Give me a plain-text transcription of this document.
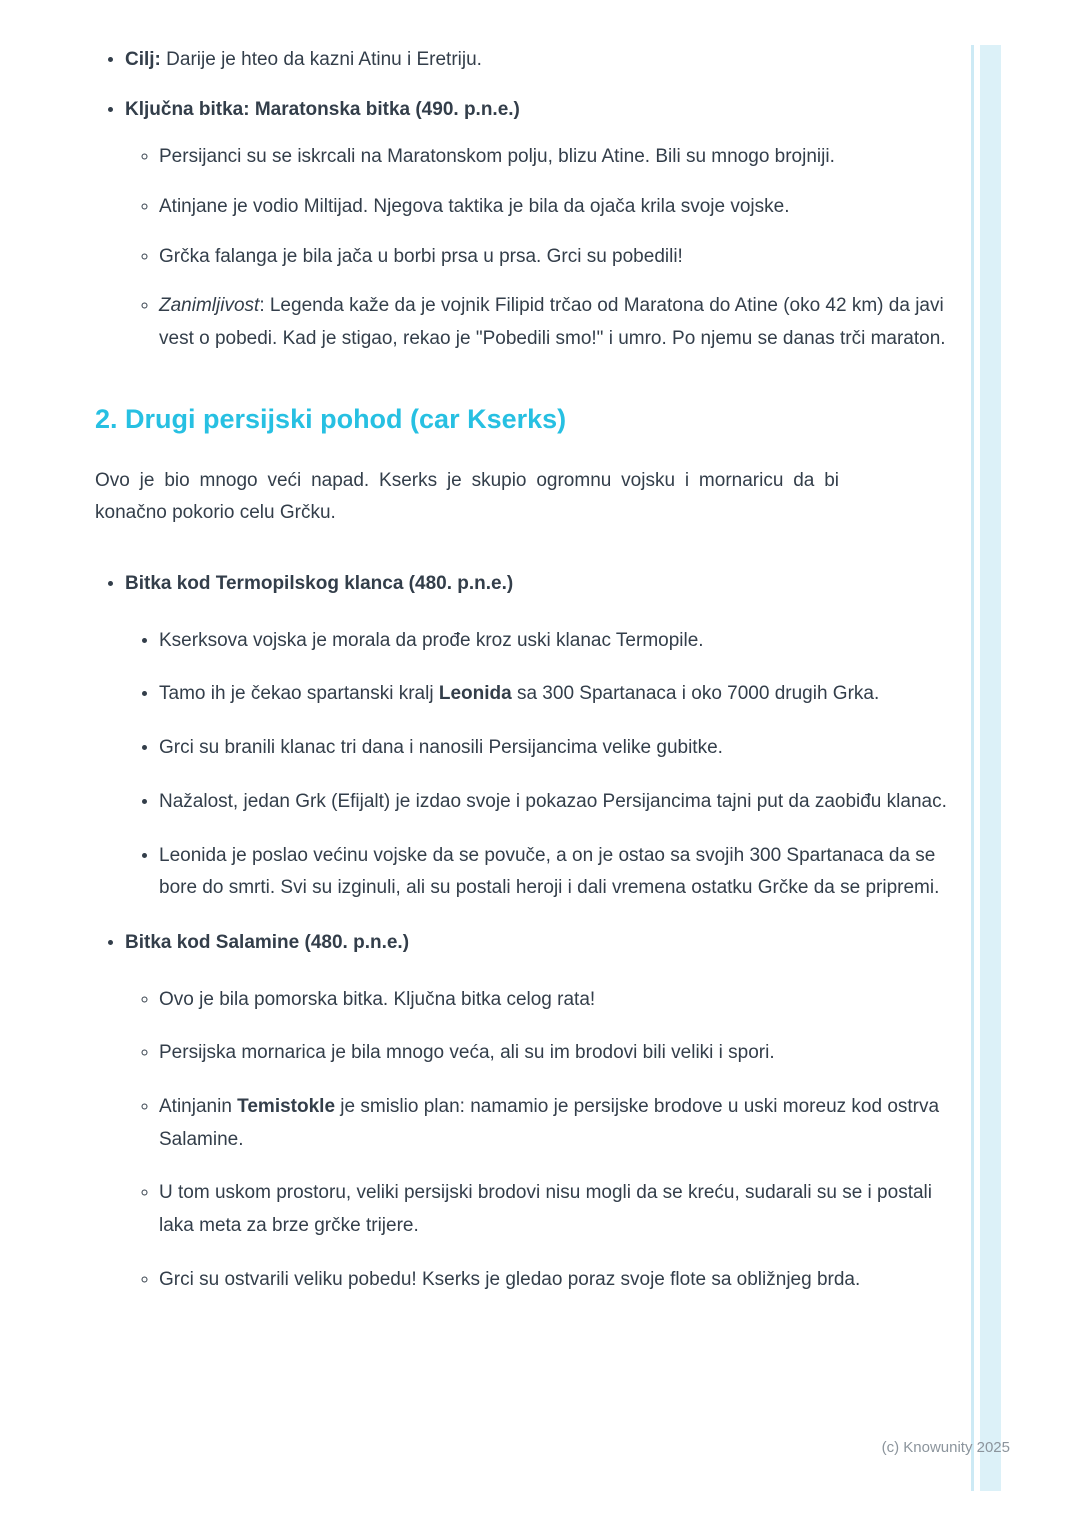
• Cilj: Darije je hteo da kazni Atinu i Eretriju.
• Ključna bitka: Maratonska bitka (490. p.n.e.)
◦ Persijanci su se iskrcali na Maratonskom polju, blizu Atine. Bili su mnogo brojniji.
◦ Atinjane je vodio Miltijad. Njegova taktika je bila da ojača krila svoje vojske.
◦ Grčka falanga je bila jača u borbi prsa u prsa. Grci su pobedili!
◦ Zanimljivost: Legenda kaže da je vojnik Filipid trčao od Maratona do Atine (oko 42 km) da javi vest o pobedi. Kad je stigao, rekao je "Pobedili smo!" i umro. Po njemu se danas trči maraton.
2. Drugi persijski pohod (car Kserks)

Ovo je bio mnogo veći napad. Kserks je skupio ogromnu vojsku i mornaricu da bi konačno pokorio celu Grčku.

• Bitka kod Termopilskog klanca (480. p.n.e.)
• Kserksova vojska je morala da prođe kroz uski klanac Termopile.
• Tamo ih je čekao spartanski kralj Leonida sa 300 Spartanaca i oko 7000 drugih Grka.
• Grci su branili klanac tri dana i nanosili Persijancima velike gubitke.
• Nažalost, jedan Grk (Efijalt) je izdao svoje i pokazao Persijancima tajni put da zaobiđu klanac.
• Leonida je poslao većinu vojske da se povuče, a on je ostao sa svojih 300 Spartanaca da se bore do smrti. Svi su izginuli, ali su postali heroji i dali vremena ostatku Grčke da se pripremi.
• Bitka kod Salamine (480. p.n.e.)
◦ Ovo je bila pomorska bitka. Ključna bitka celog rata!
◦ Persijska mornarica je bila mnogo veća, ali su im brodovi bili veliki i spori.
◦ Atinjanin Temistokle je smislio plan: namamio je persijske brodove u uski moreuz kod ostrva Salamine.
◦ U tom uskom prostoru, veliki persijski brodovi nisu mogli da se kreću, sudarali su se i postali laka meta za brze grčke trijere.
◦ Grci su ostvarili veliku pobedu! Kserks je gledao poraz svoje flote sa obližnjeg brda.
(c) Knowunity 2025
